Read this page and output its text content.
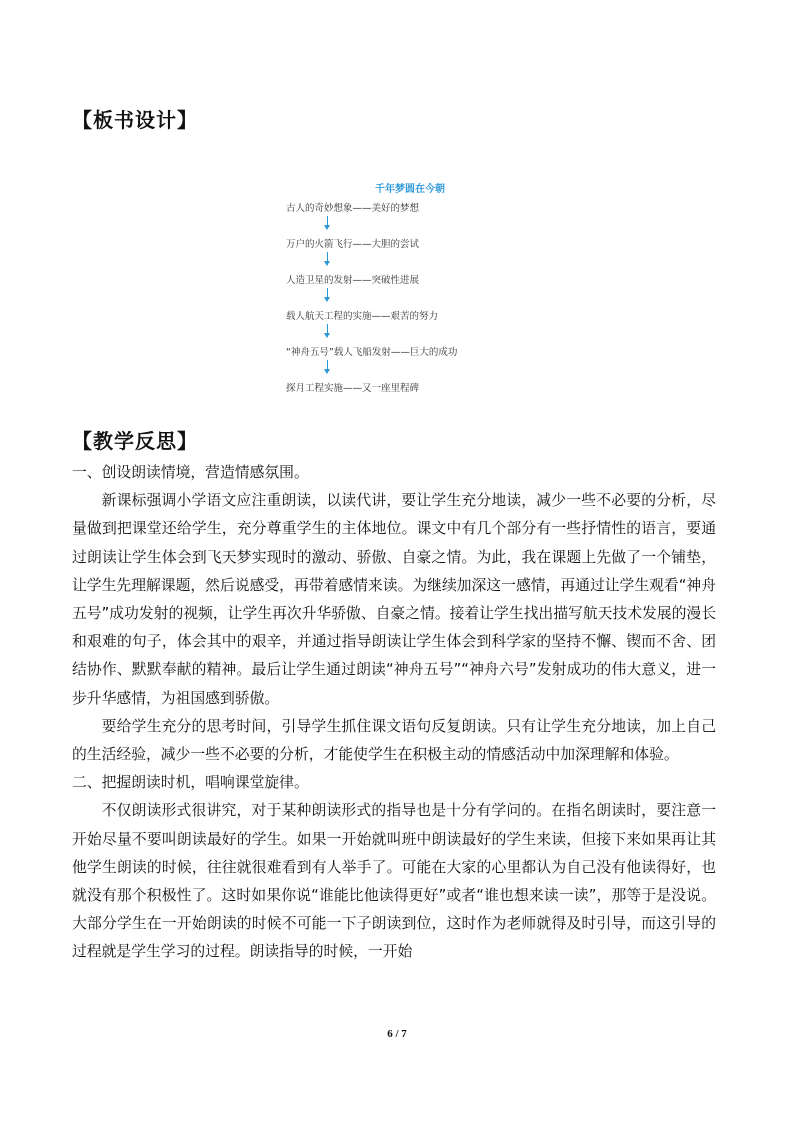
【板书设计】
千年梦圆在今朝
古人的奇妙想象——美好的梦想
万户的火箭飞行——大胆的尝试
人造卫星的发射——突破性进展
载人航天工程的实施——艰苦的努力
“神舟五号”载人飞船发射——巨大的成功
探月工程实施——又一座里程碑
【教学反思】

一、创设朗读情境，营造情感氛围。

新课标强调小学语文应注重朗读，以读代讲，要让学生充分地读，减少一些不必要的分析，尽量做到把课堂还给学生，充分尊重学生的主体地位。课文中有几个部分有一些抒情性的语言，要通过朗读让学生体会到飞天梦实现时的激动、骄傲、自豪之情。为此，我在课题上先做了一个铺垫，让学生先理解课题，然后说感受，再带着感情来读。为继续加深这一感情，再通过让学生观看“神舟五号”成功发射的视频，让学生再次升华骄傲、自豪之情。接着让学生找出描写航天技术发展的漫长和艰难的句子，体会其中的艰辛，并通过指导朗读让学生体会到科学家的坚持不懈、锲而不舍、团结协作、默默奉献的精神。最后让学生通过朗读“神舟五号”“神舟六号”发射成功的伟大意义，进一步升华感情，为祖国感到骄傲。

要给学生充分的思考时间，引导学生抓住课文语句反复朗读。只有让学生充分地读，加上自己的生活经验，减少一些不必要的分析，才能使学生在积极主动的情感活动中加深理解和体验。

二、把握朗读时机，唱响课堂旋律。

不仅朗读形式很讲究，对于某种朗读形式的指导也是十分有学问的。在指名朗读时，要注意一开始尽量不要叫朗读最好的学生。如果一开始就叫班中朗读最好的学生来读，但接下来如果再让其他学生朗读的时候，往往就很难看到有人举手了。可能在大家的心里都认为自己没有他读得好，也就没有那个积极性了。这时如果你说“谁能比他读得更好”或者“谁也想来读一读”，那等于是没说。大部分学生在一开始朗读的时候不可能一下子朗读到位，这时作为老师就得及时引导，而这引导的过程就是学生学习的过程。朗读指导的时候，一开始

6 / 7
